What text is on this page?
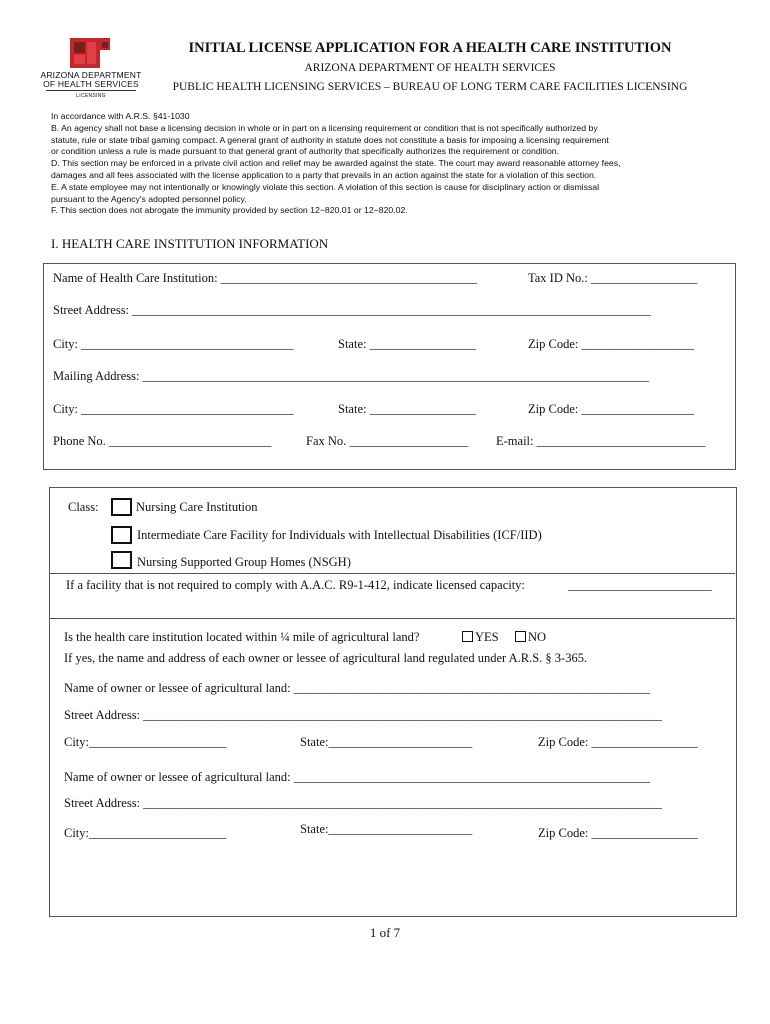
ARIZONA DEPARTMENT
OF HEALTH SERVICES
LICENSING
INITIAL LICENSE APPLICATION FOR A HEALTH CARE INSTITUTION
ARIZONA DEPARTMENT OF HEALTH SERVICES
PUBLIC HEALTH LICENSING SERVICES – BUREAU OF LONG TERM CARE FACILITIES LICENSING
In accordance with A.R.S. §41-1030
B. An agency shall not base a licensing decision in whole or in part on a licensing requirement or condition that is not specifically authorized by
statute, rule or state tribal gaming compact. A general grant of authority in statute does not constitute a basis for imposing a licensing requirement
or condition unless a rule is made pursuant to that general grant of authority that specifically authorizes the requirement or condition.
D. This section may be enforced in a private civil action and relief may be awarded against the state. The court may award reasonable attorney fees,
damages and all fees associated with the license application to a party that prevails in an action against the state for a violation of this section.
E. A state employee may not intentionally or knowingly violate this section. A violation of this section is cause for disciplinary action or dismissal
pursuant to the Agency's adopted personnel policy.
F. This section does not abrogate the immunity provided by section 12−820.01 or 12−820.02.
I. HEALTH CARE INSTITUTION INFORMATION
Name of Health Care Institution: _________________________________________	Tax ID No.: _________________
Street Address: ___________________________________________________________________________________
City: __________________________________	State: _________________	Zip Code: __________________
Mailing Address: _________________________________________________________________________________
City: __________________________________	State: _________________	Zip Code: __________________
Phone No. __________________________	Fax No. ___________________ E-mail: ___________________________
Class:	Nursing Care Institution
Intermediate Care Facility for Individuals with Intellectual Disabilities (ICF/IID)
Nursing Supported Group Homes (NSGH)
If a facility that is not required to comply with A.A.C. R9-1-412, indicate licensed capacity:	_______________________
Is the health care institution located within ¼ mile of agricultural land?	YES	NO
If yes, the name and address of each owner or lessee of agricultural land regulated under A.R.S. § 3-365.
Name of owner or lessee of agricultural land: _________________________________________________________
Street Address: ___________________________________________________________________________________
City:______________________	State:_______________________	Zip Code: _________________
Name of owner or lessee of agricultural land: _________________________________________________________
Street Address: ___________________________________________________________________________________
City:______________________	State:_______________________	Zip Code: _________________
1 of 7
